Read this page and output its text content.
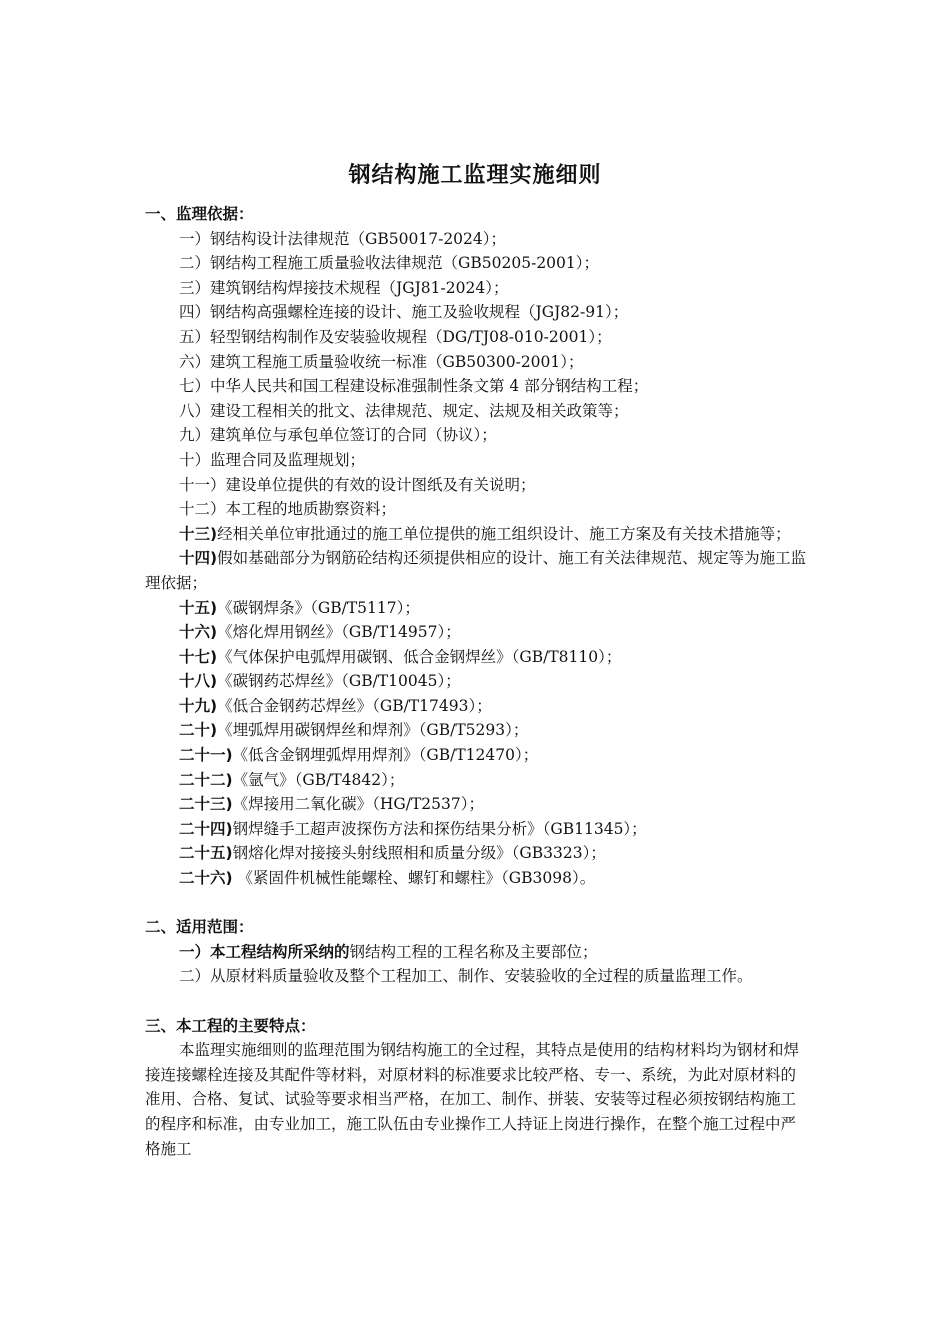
钢结构施工监理实施细则
一、监理依据：
一）钢结构设计法律规范（GB50017-2024）；
二）钢结构工程施工质量验收法律规范（GB50205-2001）；
三）建筑钢结构焊接技术规程（JGJ81-2024）；
四）钢结构高强螺栓连接的设计、施工及验收规程（JGJ82-91）；
五）轻型钢结构制作及安装验收规程（DG/TJ08-010-2001）；
六）建筑工程施工质量验收统一标准（GB50300-2001）；
七）中华人民共和国工程建设标准强制性条文第 4 部分钢结构工程；
八）建设工程相关的批文、法律规范、规定、法规及相关政策等；
九）建筑单位与承包单位签订的合同（协议）；
十）监理合同及监理规划；
十一）建设单位提供的有效的设计图纸及有关说明；
十二）本工程的地质勘察资料；
十三)经相关单位审批通过的施工单位提供的施工组织设计、施工方案及有关技术措施等；
十四)假如基础部分为钢筋砼结构还须提供相应的设计、施工有关法律规范、规定等为施工监理依据；
十五)《碳钢焊条》（GB/T5117）；
十六)《熔化焊用钢丝》（GB/T14957）；
十七)《气体保护电弧焊用碳钢、低合金钢焊丝》（GB/T8110）；
十八)《碳钢药芯焊丝》（GB/T10045）；
十九)《低合金钢药芯焊丝》（GB/T17493）；
二十)《埋弧焊用碳钢焊丝和焊剂》（GB/T5293）；
二十一)《低含金钢埋弧焊用焊剂》（GB/T12470）；
二十二)《氩气》（GB/T4842）；
二十三)《焊接用二氧化碳》（HG/T2537）；
二十四)钢焊缝手工超声波探伤方法和探伤结果分析》（GB11345）；
二十五)钢熔化焊对接接头射线照相和质量分级》（GB3323）；
二十六) 《紧固件机械性能螺栓、螺钉和螺柱》（GB3098）。
二、适用范围：
一）本工程结构所采纳的钢结构工程的工程名称及主要部位；
二）从原材料质量验收及整个工程加工、制作、安装验收的全过程的质量监理工作。
三、本工程的主要特点：
本监理实施细则的监理范围为钢结构施工的全过程，其特点是使用的结构材料均为钢材和焊接连接螺栓连接及其配件等材料，对原材料的标准要求比较严格、专一、系统，为此对原材料的准用、合格、复试、试验等要求相当严格，在加工、制作、拼装、安装等过程必须按钢结构施工的程序和标准，由专业加工，施工队伍由专业操作工人持证上岗进行操作，在整个施工过程中严格施工
